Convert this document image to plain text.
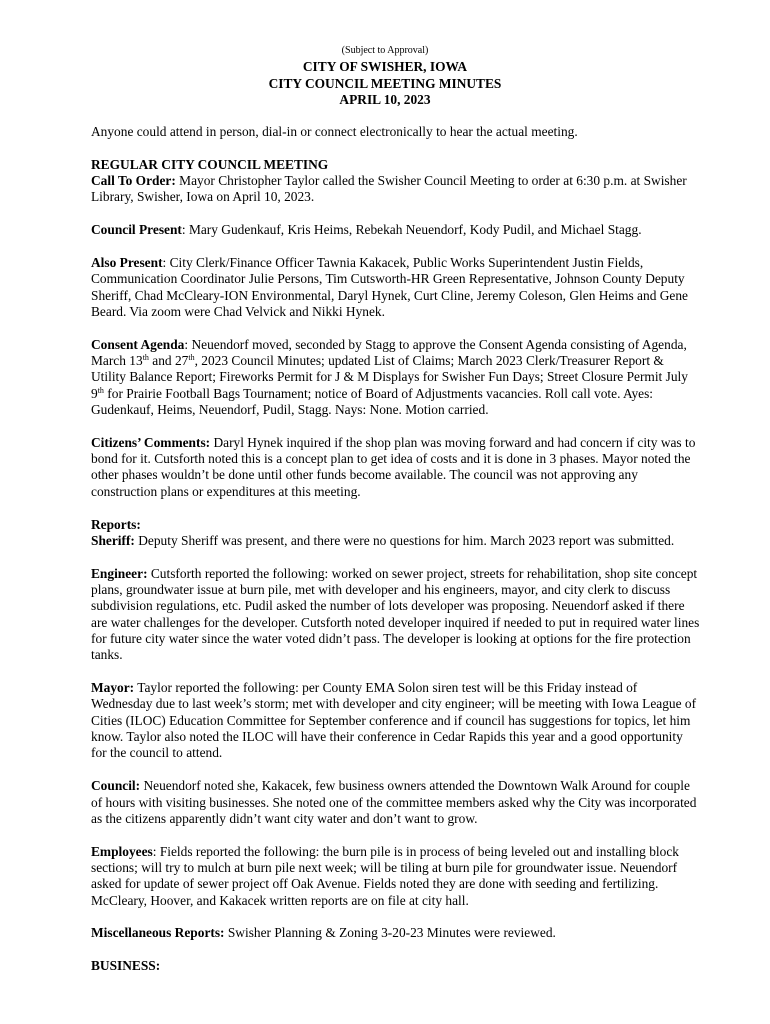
(Subject to Approval)
CITY OF SWISHER, IOWA
CITY COUNCIL MEETING MINUTES
APRIL 10, 2023

Anyone could attend in person, dial-in or connect electronically to hear the actual meeting.

REGULAR CITY COUNCIL MEETING

Call To Order: Mayor Christopher Taylor called the Swisher Council Meeting to order at 6:30 p.m. at Swisher Library, Swisher, Iowa on April 10, 2023.

Council Present: Mary Gudenkauf, Kris Heims, Rebekah Neuendorf, Kody Pudil, and Michael Stagg.

Also Present: City Clerk/Finance Officer Tawnia Kakacek, Public Works Superintendent Justin Fields, Communication Coordinator Julie Persons, Tim Cutsworth-HR Green Representative, Johnson County Deputy Sheriff, Chad McCleary-ION Environmental, Daryl Hynek, Curt Cline, Jeremy Coleson, Glen Heims and Gene Beard. Via zoom were Chad Velvick and Nikki Hynek.

Consent Agenda: Neuendorf moved, seconded by Stagg to approve the Consent Agenda consisting of Agenda, March 13th and 27th, 2023 Council Minutes; updated List of Claims; March 2023 Clerk/Treasurer Report & Utility Balance Report; Fireworks Permit for J & M Displays for Swisher Fun Days; Street Closure Permit July 9th for Prairie Football Bags Tournament; notice of Board of Adjustments vacancies. Roll call vote. Ayes: Gudenkauf, Heims, Neuendorf, Pudil, Stagg. Nays: None. Motion carried.

Citizens’ Comments: Daryl Hynek inquired if the shop plan was moving forward and had concern if city was to bond for it. Cutsforth noted this is a concept plan to get idea of costs and it is done in 3 phases. Mayor noted the other phases wouldn’t be done until other funds become available. The council was not approving any construction plans or expenditures at this meeting.

Reports:

Sheriff: Deputy Sheriff was present, and there were no questions for him. March 2023 report was submitted.

Engineer: Cutsforth reported the following: worked on sewer project, streets for rehabilitation, shop site concept plans, groundwater issue at burn pile, met with developer and his engineers, mayor, and city clerk to discuss subdivision regulations, etc. Pudil asked the number of lots developer was proposing. Neuendorf asked if there are water challenges for the developer. Cutsforth noted developer inquired if needed to put in required water lines for future city water since the water voted didn’t pass. The developer is looking at options for the fire protection tanks.

Mayor: Taylor reported the following: per County EMA Solon siren test will be this Friday instead of Wednesday due to last week’s storm; met with developer and city engineer; will be meeting with Iowa League of Cities (ILOC) Education Committee for September conference and if council has suggestions for topics, let him know. Taylor also noted the ILOC will have their conference in Cedar Rapids this year and a good opportunity for the council to attend.

Council: Neuendorf noted she, Kakacek, few business owners attended the Downtown Walk Around for couple of hours with visiting businesses. She noted one of the committee members asked why the City was incorporated as the citizens apparently didn’t want city water and don’t want to grow.

Employees: Fields reported the following: the burn pile is in process of being leveled out and installing block sections; will try to mulch at burn pile next week; will be tiling at burn pile for groundwater issue. Neuendorf asked for update of sewer project off Oak Avenue. Fields noted they are done with seeding and fertilizing. McCleary, Hoover, and Kakacek written reports are on file at city hall.

Miscellaneous Reports: Swisher Planning & Zoning 3-20-23 Minutes were reviewed.

BUSINESS:
